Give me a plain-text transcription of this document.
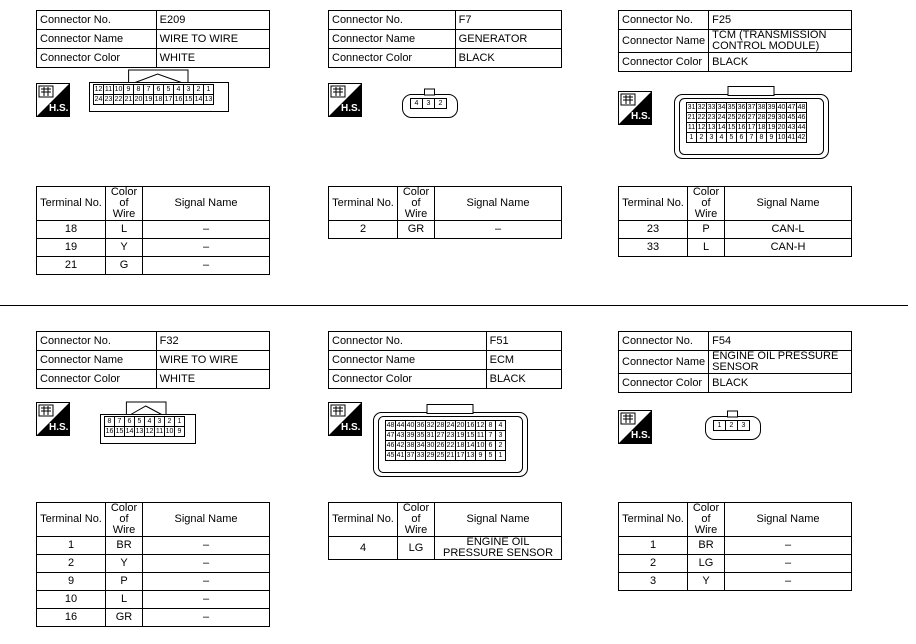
Connector No.	E209
Connector Name	WIRE TO WIRE
Connector Color	WHITE
H.S.
12	11	10	9	8	7	6	5	4	3	2	1
24	23	22	21	20	19	18	17	16	15	14	13
Terminal No.	Color of Wire	Signal Name
18	L	–
19	Y	–
21	G	–
Connector No.	F7
Connector Name	GENERATOR
Connector Color	BLACK
H.S.	4	3	2
Terminal No.	Color of Wire	Signal Name
2	GR	–
Connector No.	F25
Connector Name	TCM (TRANSMISSION CONTROL MODULE)
Connector Color	BLACK
H.S.
31	32	33	34	35	36	37	38	39	40	47	48
21	22	23	24	25	26	27	28	29	30	45	46
11	12	13	14	15	16	17	18	19	20	43	44
1	2	3	4	5	6	7	8	9	10	41	42
Terminal No.	Color of Wire	Signal Name
23	P	CAN-L
33	L	CAN-H
Connector No.	F32
Connector Name	WIRE TO WIRE
Connector Color	WHITE
H.S.
8	7	6	5	4	3	2	1
16	15	14	13	12	11	10	9
Terminal No.	Color of Wire	Signal Name
1	BR	–
2	Y	–
9	P	–
10	L	–
16	GR	–
Connector No.	F51
Connector Name	ECM
Connector Color	BLACK
H.S.	48	44	40	36	32	28	24	20	16	12	8	4
47	43	39	35	31	27	23	19	15	11	7	3
46	42	38	34	30	26	22	18	14	10	6	2
45	41	37	33	29	25	21	17	13	9	5	1
Terminal No.	Color of Wire	Signal Name
4	LG	ENGINE OIL PRESSURE SENSOR
Connector No.	F54
Connector Name	ENGINE OIL PRESSURE SENSOR
Connector Color	BLACK
H.S.
1	2	3
Terminal No.	Color of Wire	Signal Name
1	BR	–
2	LG	–
3	Y	–
